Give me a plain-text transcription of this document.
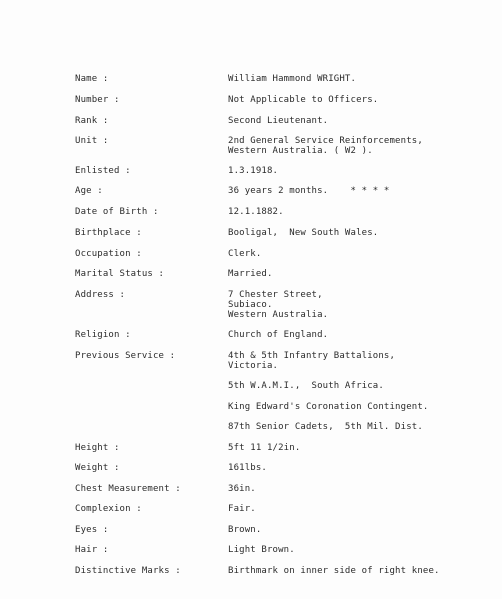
Name :	William Hammond WRIGHT.
Number :	Not Applicable to Officers.
Rank :	Second Lieutenant.
Unit :	2nd General Service Reinforcements,
Western Australia. ( W2 ).
Enlisted :	1.3.1918.
Age :	36 years 2 months.    * * * *
Date of Birth :	12.1.1882.
Birthplace :	Booligal,  New South Wales.
Occupation :	Clerk.
Marital Status :	Married.
Address :	7 Chester Street,
Subiaco.
Western Australia.
Religion :	Church of England.
Previous Service :	4th & 5th Infantry Battalions,
Victoria.
5th W.A.M.I.,  South Africa.
King Edward's Coronation Contingent.
87th Senior Cadets,  5th Mil. Dist.
Height :	5ft 11 1/2in.
Weight :	161lbs.
Chest Measurement :	36in.
Complexion :	Fair.
Eyes :	Brown.
Hair :	Light Brown.
Distinctive Marks :	Birthmark on inner side of right knee.
